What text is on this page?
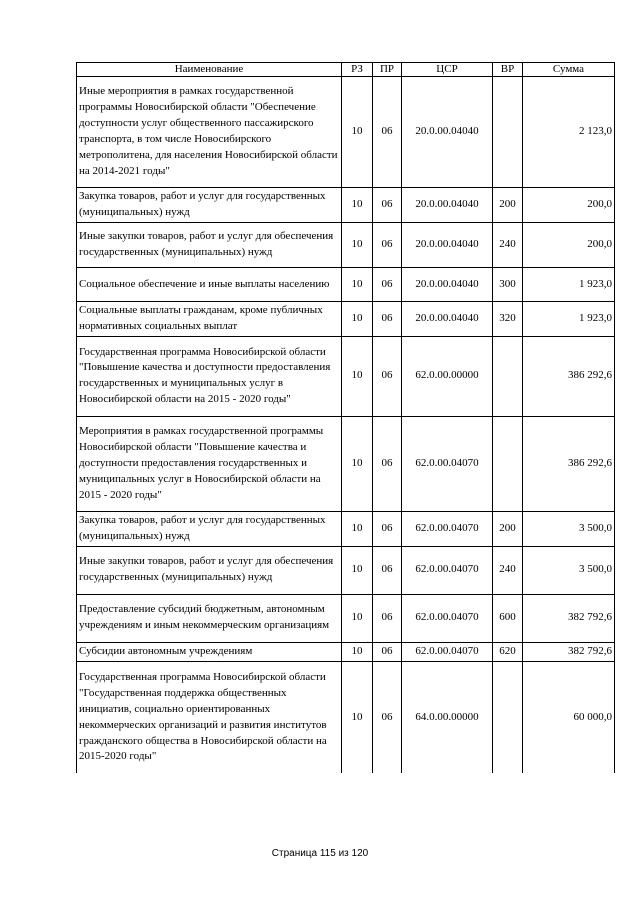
Наименование	РЗ	ПР	ЦСР	ВР	Сумма
Иные мероприятия в рамках государственной программы Новосибирской области "Обеспечение доступности услуг общественного пассажирского транспорта, в том числе Новосибирского метрополитена, для населения Новосибирской области на 2014-2021 годы"	10	06	20.0.00.04040		2 123,0
Закупка товаров, работ и услуг для государственных (муниципальных) нужд	10	06	20.0.00.04040	200	200,0
Иные закупки товаров, работ и услуг для обеспечения государственных (муниципальных) нужд	10	06	20.0.00.04040	240	200,0
Социальное обеспечение и иные выплаты населению	10	06	20.0.00.04040	300	1 923,0
Социальные выплаты гражданам, кроме публичных нормативных социальных выплат	10	06	20.0.00.04040	320	1 923,0
Государственная программа Новосибирской области "Повышение качества и доступности предоставления государственных и муниципальных услуг в Новосибирской области на 2015 - 2020 годы"	10	06	62.0.00.00000		386 292,6
Мероприятия в рамках государственной программы Новосибирской области "Повышение качества и доступности предоставления государственных и муниципальных услуг в Новосибирской области на 2015 - 2020 годы"	10	06	62.0.00.04070		386 292,6
Закупка товаров, работ и услуг для государственных (муниципальных) нужд	10	06	62.0.00.04070	200	3 500,0
Иные закупки товаров, работ и услуг для обеспечения государственных (муниципальных) нужд	10	06	62.0.00.04070	240	3 500,0
Предоставление субсидий бюджетным, автономным учреждениям и иным некоммерческим организациям	10	06	62.0.00.04070	600	382 792,6
Субсидии автономным учреждениям	10	06	62.0.00.04070	620	382 792,6
Государственная программа Новосибирской области "Государственная поддержка общественных инициатив, социально ориентированных некоммерческих организаций и развития институтов гражданского общества в Новосибирской области на 2015-2020 годы"	10	06	64.0.00.00000		60 000,0
Страница 115 из 120
